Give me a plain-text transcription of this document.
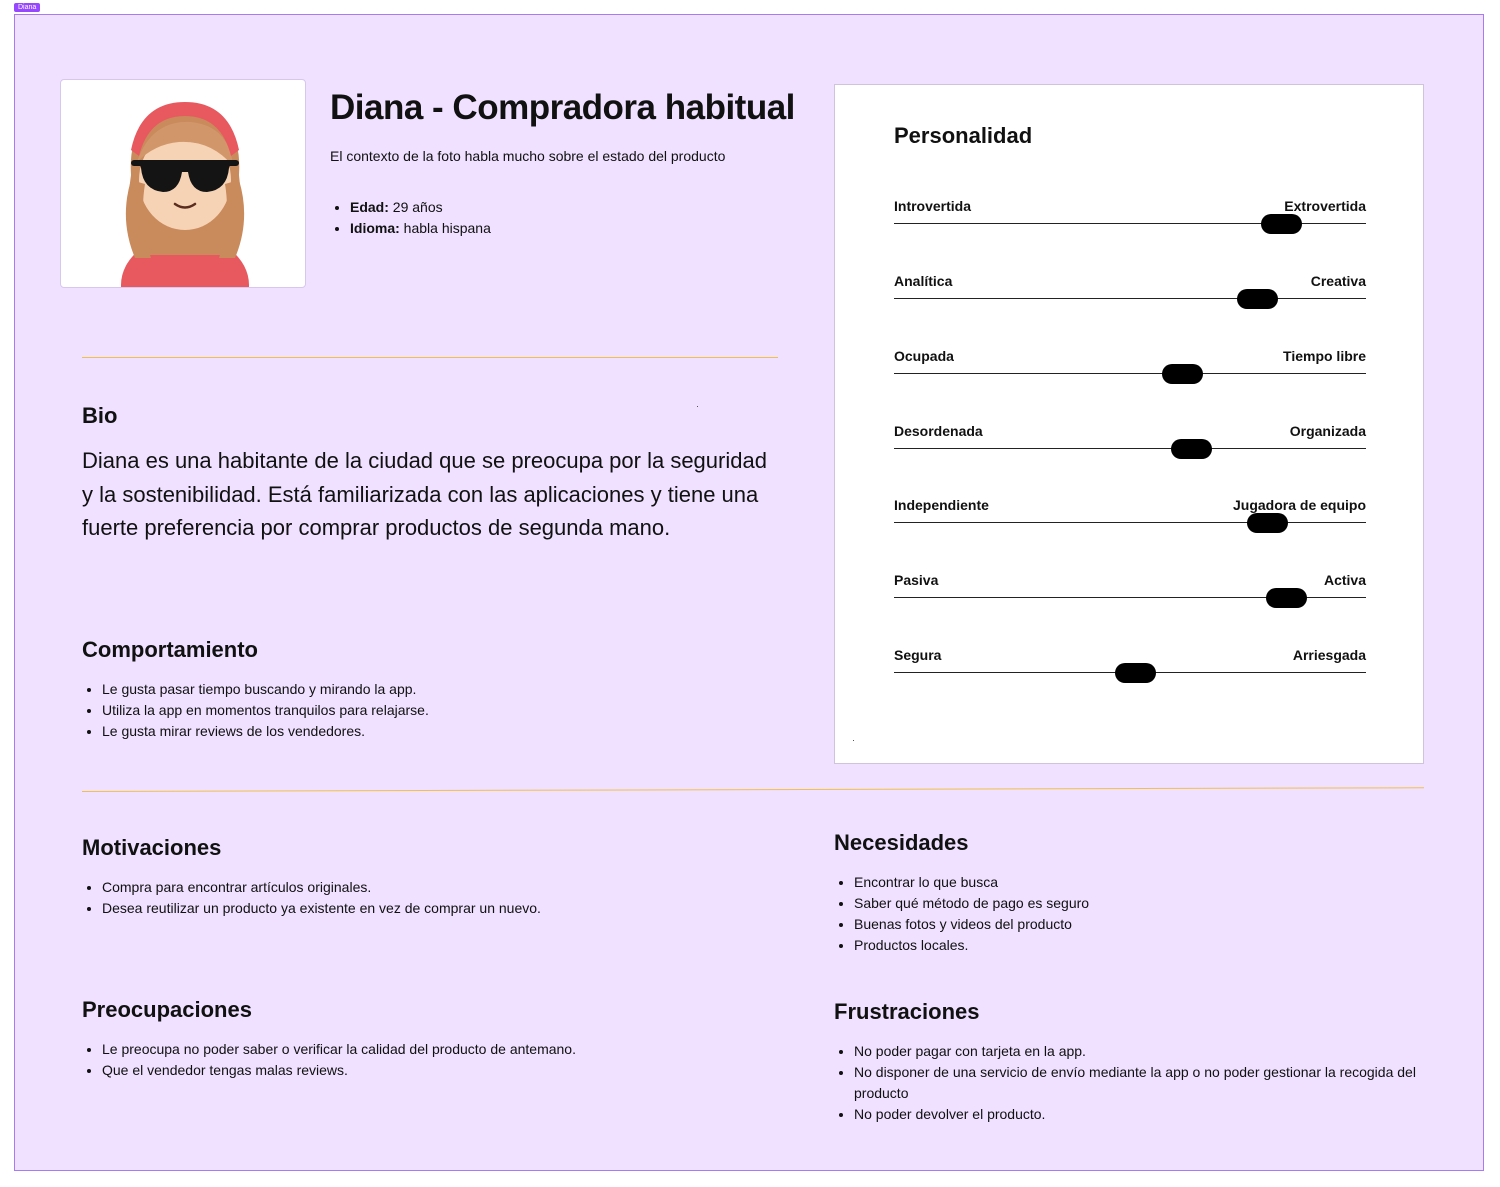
Diana
Diana - Compradora habitual
El contexto de la foto habla mucho sobre el estado del producto
• Edad: 29 años
• Idioma: habla hispana
Bio

Diana es una habitante de la ciudad que se preocupa por la seguridad y la sostenibilidad. Está familiarizada con las aplicaciones y tiene una fuerte preferencia por comprar productos de segunda mano.

Comportamiento
• Le gusta pasar tiempo buscando y mirando la app.
• Utiliza la app en momentos tranquilos para relajarse.
• Le gusta mirar reviews de los vendedores.
Personalidad
Introvertida	Extrovertida
Analítica	Creativa
Ocupada	Tiempo libre
Desordenada	Organizada
Independiente	Jugadora de equipo
Pasiva	Activa
Segura	Arriesgada
Motivaciones
• Compra para encontrar artículos originales.
• Desea reutilizar un producto ya existente en vez de comprar un nuevo.
Necesidades
• Encontrar lo que busca
• Saber qué método de pago es seguro
• Buenas fotos y videos del producto
• Productos locales.
Preocupaciones
• Le preocupa no poder saber o verificar la calidad del producto de antemano.
• Que el vendedor tengas malas reviews.
Frustraciones
• No poder pagar con tarjeta en la app.
• No disponer de una servicio de envío mediante la app o no poder gestionar la recogida del producto
• No poder devolver el producto.
